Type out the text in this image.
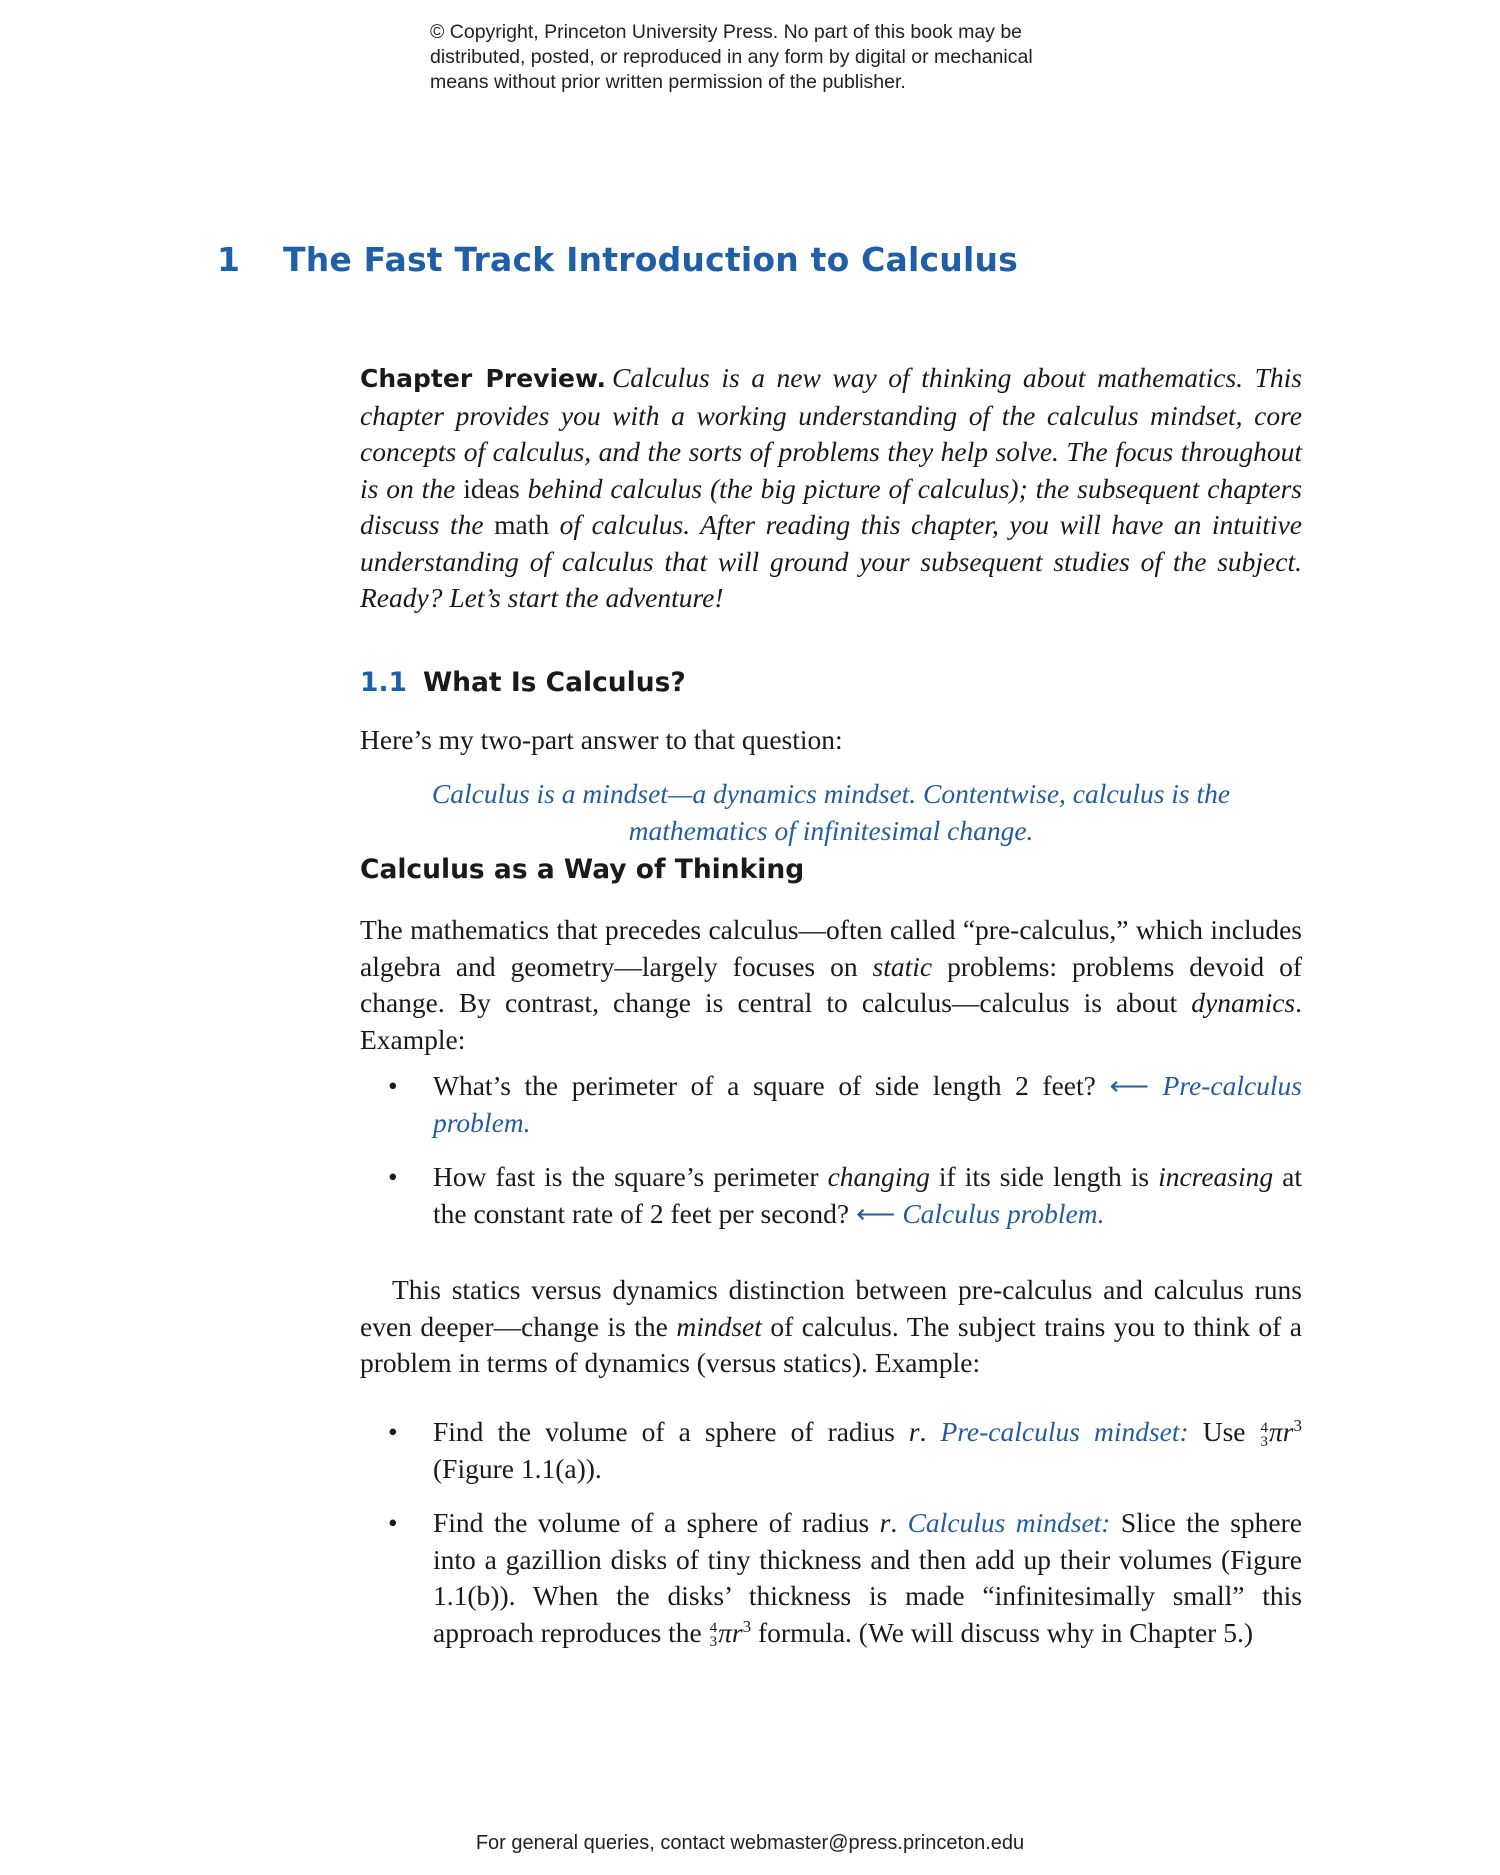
© Copyright, Princeton University Press. No part of this book may be
distributed, posted, or reproduced in any form by digital or mechanical
means without prior written permission of the publisher.
1 The Fast Track Introduction to Calculus

Chapter Preview. Calculus is a new way of thinking about mathematics. This chapter provides you with a working understanding of the calculus mindset, core concepts of calculus, and the sorts of problems they help solve. The focus throughout is on the ideas behind calculus (the big picture of calculus); the subsequent chapters discuss the math of calculus. After reading this chapter, you will have an intuitive understanding of calculus that will ground your subsequent studies of the subject. Ready? Let’s start the adventure!

1.1 What Is Calculus?

Here’s my two-part answer to that question:

Calculus is a mindset—a dynamics mindset. Contentwise, calculus is the mathematics of infinitesimal change.

Calculus as a Way of Thinking

The mathematics that precedes calculus—often called “pre-calculus,” which includes algebra and geometry—largely focuses on static problems: problems devoid of change. By contrast, change is central to calculus—calculus is about dynamics. Example:

• What’s the perimeter of a square of side length 2 feet? ⟵ Pre-calculus problem.
• How fast is the square’s perimeter changing if its side length is increasing at the constant rate of 2 feet per second? ⟵ Calculus problem.

This statics versus dynamics distinction between pre-calculus and calculus runs even deeper—change is the mindset of calculus. The subject trains you to think of a problem in terms of dynamics (versus statics). Example:

• Find the volume of a sphere of radius r. Pre-calculus mindset: Use 4
3 $\pi r^3$ (Figure 1.1(a)).
• Find the volume of a sphere of radius r. Calculus mindset: Slice the sphere into a gazillion disks of tiny thickness and then add up their volumes (Figure 1.1(b)). When the disks’ thickness is made “infinitesimally small” this approach reproduces the 4
3 $\pi r^3$ formula. (We will discuss why in Chapter 5.)
For general queries, contact webmaster@press.princeton.edu
